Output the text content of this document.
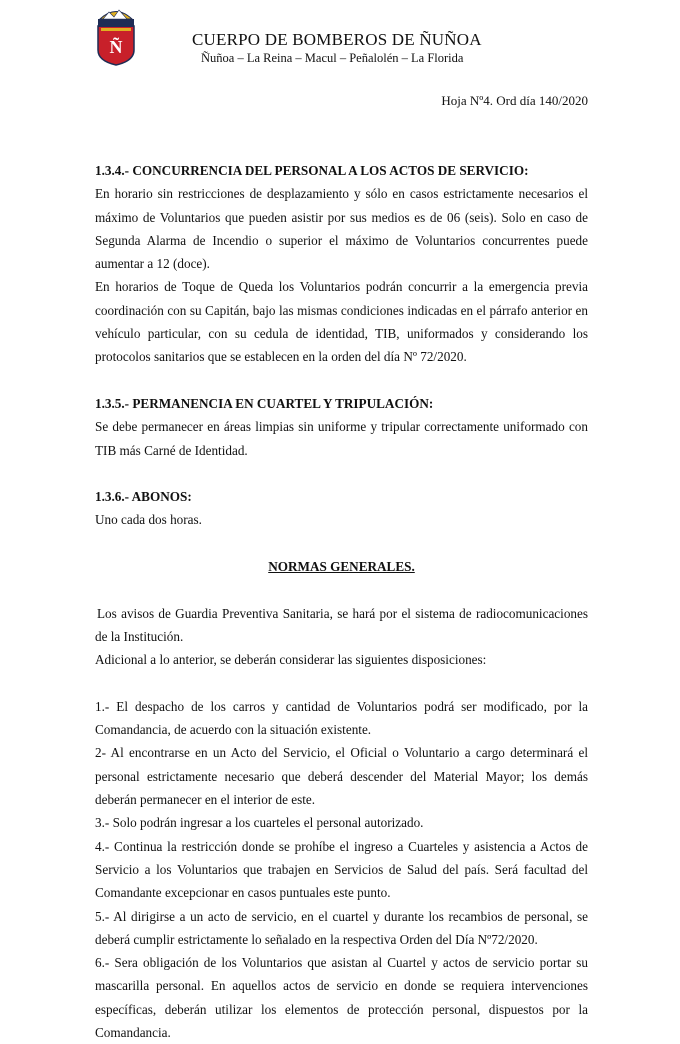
Ñ	CUERPO DE BOMBEROS DE ÑUÑOA
Ñuñoa – La Reina – Macul – Peñalolén – La Florida
Hoja Nº4. Ord día 140/2020

1.3.4.- CONCURRENCIA DEL PERSONAL A LOS ACTOS DE SERVICIO:

En horario sin restricciones de desplazamiento y sólo en casos estrictamente necesarios el máximo de Voluntarios que pueden asistir por sus medios es de 06 (seis). Solo en caso de Segunda Alarma de Incendio o superior el máximo de Voluntarios concurrentes puede aumentar a 12 (doce).

En horarios de Toque de Queda los Voluntarios podrán concurrir a la emergencia previa coordinación con su Capitán, bajo las mismas condiciones indicadas en el párrafo anterior en vehículo particular, con su cedula de identidad, TIB, uniformados y considerando los protocolos sanitarios que se establecen en la orden del día Nº 72/2020.

1.3.5.- PERMANENCIA EN CUARTEL Y TRIPULACIÓN:

Se debe permanecer en áreas limpias sin uniforme y tripular correctamente uniformado con TIB más Carné de Identidad.

1.3.6.- ABONOS:

Uno cada dos horas.

NORMAS GENERALES.

Los avisos de Guardia Preventiva Sanitaria, se hará por el sistema de radiocomunicaciones de la Institución.

Adicional a lo anterior, se deberán considerar las siguientes disposiciones:

1.- El despacho de los carros y cantidad de Voluntarios podrá ser modificado, por la Comandancia, de acuerdo con la situación existente.

2- Al encontrarse en un Acto del Servicio, el Oficial o Voluntario a cargo determinará el personal estrictamente necesario que deberá descender del Material Mayor; los demás deberán permanecer en el interior de este.

3.- Solo podrán ingresar a los cuarteles el personal autorizado.

4.- Continua la restricción donde se prohíbe el ingreso a Cuarteles y asistencia a Actos de Servicio a los Voluntarios que trabajen en Servicios de Salud del país. Será facultad del Comandante excepcionar en casos puntuales este punto.

5.- Al dirigirse a un acto de servicio, en el cuartel y durante los recambios de personal, se deberá cumplir estrictamente lo señalado en la respectiva Orden del Día Nº72/2020.

6.- Sera obligación de los Voluntarios que asistan al Cuartel y actos de servicio portar su mascarilla personal. En aquellos actos de servicio en donde se requiera intervenciones específicas, deberán utilizar los elementos de protección personal, dispuestos por la Comandancia.
